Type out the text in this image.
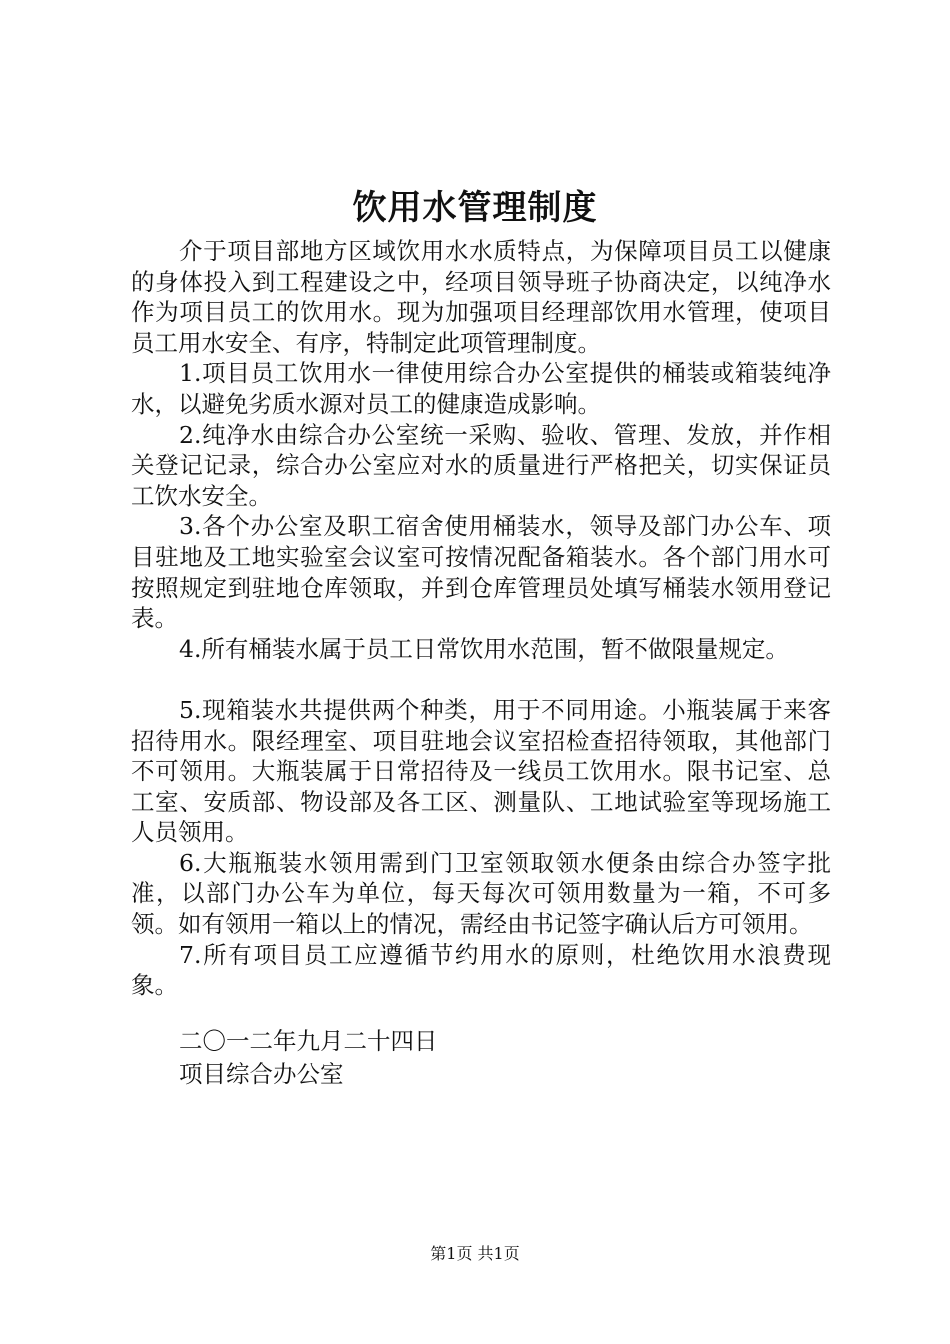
饮用水管理制度

介于项目部地方区域饮用水水质特点，为保障项目员工以健康的身体投入到工程建设之中，经项目领导班子协商决定，以纯净水作为项目员工的饮用水。现为加强项目经理部饮用水管理，使项目员工用水安全、有序，特制定此项管理制度。

1.项目员工饮用水一律使用综合办公室提供的桶装或箱装纯净水，以避免劣质水源对员工的健康造成影响。

2.纯净水由综合办公室统一采购、验收、管理、发放，并作相关登记记录，综合办公室应对水的质量进行严格把关，切实保证员工饮水安全。

3.各个办公室及职工宿舍使用桶装水，领导及部门办公车、项目驻地及工地实验室会议室可按情况配备箱装水。各个部门用水可按照规定到驻地仓库领取，并到仓库管理员处填写桶装水领用登记表。

4.所有桶装水属于员工日常饮用水范围，暂不做限量规定。

5.现箱装水共提供两个种类，用于不同用途。小瓶装属于来客招待用水。限经理室、项目驻地会议室招检查招待领取，其他部门不可领用。大瓶装属于日常招待及一线员工饮用水。限书记室、总工室、安质部、物设部及各工区、测量队、工地试验室等现场施工人员领用。

6.大瓶瓶装水领用需到门卫室领取领水便条由综合办签字批准，以部门办公车为单位，每天每次可领用数量为一箱，不可多领。如有领用一箱以上的情况，需经由书记签字确认后方可领用。

7.所有项目员工应遵循节约用水的原则，杜绝饮用水浪费现象。

二〇一二年九月二十四日
项目综合办公室
第1页 共1页
